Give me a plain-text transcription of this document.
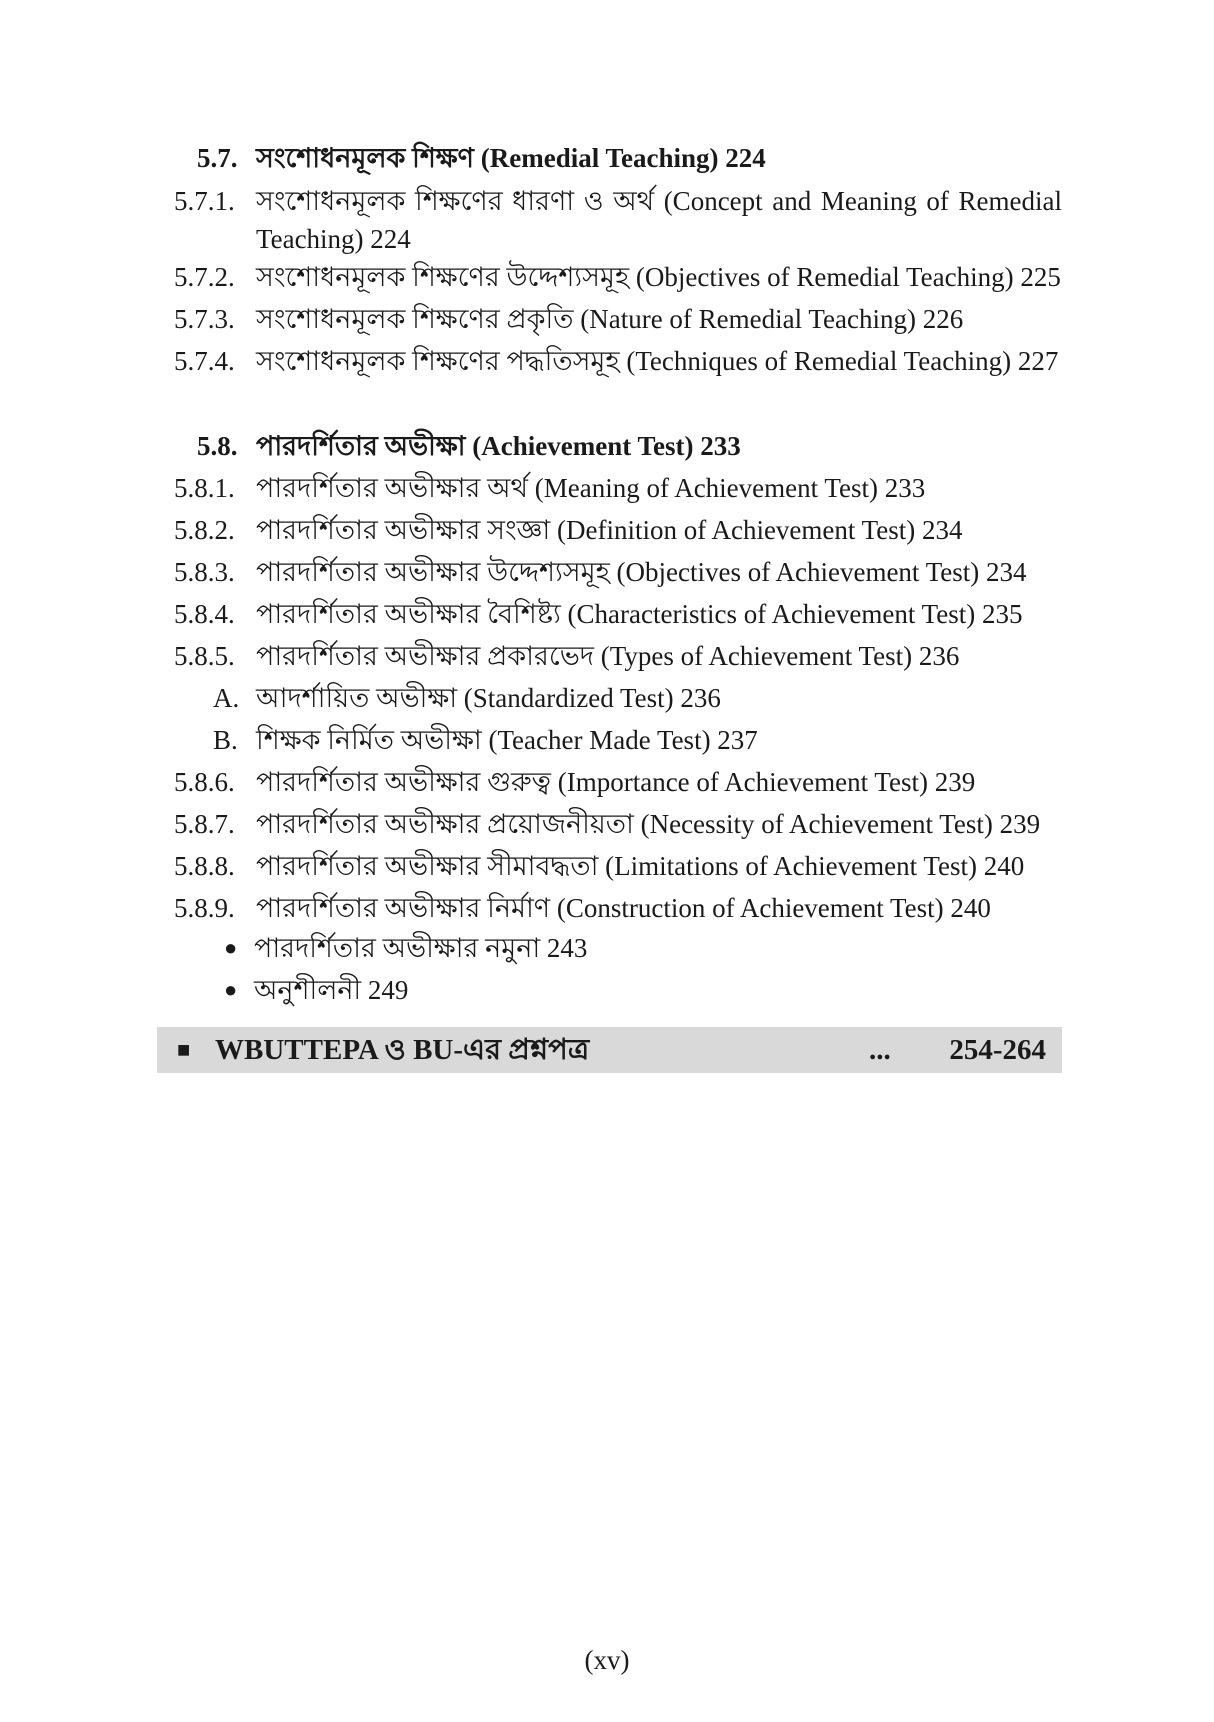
5.7. সংশোধনমূলক শিক্ষণ (Remedial Teaching) 224
5.7.1. সংশোধনমূলক শিক্ষণের ধারণা ও অর্থ (Concept and Meaning of Remedial Teaching) 224
5.7.2. সংশোধনমূলক শিক্ষণের উদ্দেশ্যসমূহ (Objectives of Remedial Teaching) 225
5.7.3. সংশোধনমূলক শিক্ষণের প্রকৃতি (Nature of Remedial Teaching) 226
5.7.4. সংশোধনমূলক শিক্ষণের পদ্ধতিসমূহ (Techniques of Remedial Teaching) 227
5.8. পারদর্শিতার অভীক্ষা (Achievement Test) 233
5.8.1. পারদর্শিতার অভীক্ষার অর্থ (Meaning of Achievement Test) 233
5.8.2. পারদর্শিতার অভীক্ষার সংজ্ঞা (Definition of Achievement Test) 234
5.8.3. পারদর্শিতার অভীক্ষার উদ্দেশ্যসমূহ (Objectives of Achievement Test) 234
5.8.4. পারদর্শিতার অভীক্ষার বৈশিষ্ট্য (Characteristics of Achievement Test) 235
5.8.5. পারদর্শিতার অভীক্ষার প্রকারভেদ (Types of Achievement Test) 236
A. আদর্শায়িত অভীক্ষা (Standardized Test) 236
B. শিক্ষক নির্মিত অভীক্ষা (Teacher Made Test) 237
5.8.6. পারদর্শিতার অভীক্ষার গুরুত্ব (Importance of Achievement Test) 239
5.8.7. পারদর্শিতার অভীক্ষার প্রয়োজনীয়তা (Necessity of Achievement Test) 239
5.8.8. পারদর্শিতার অভীক্ষার সীমাবদ্ধতা (Limitations of Achievement Test) 240
5.8.9. পারদর্শিতার অভীক্ষার নির্মাণ (Construction of Achievement Test) 240
● পারদর্শিতার অভীক্ষার নমুনা 243
● অনুশীলনী 249
■ WBUTTEPA ও BU-এর প্রশ্নপত্র	... 254-264
(xv)
